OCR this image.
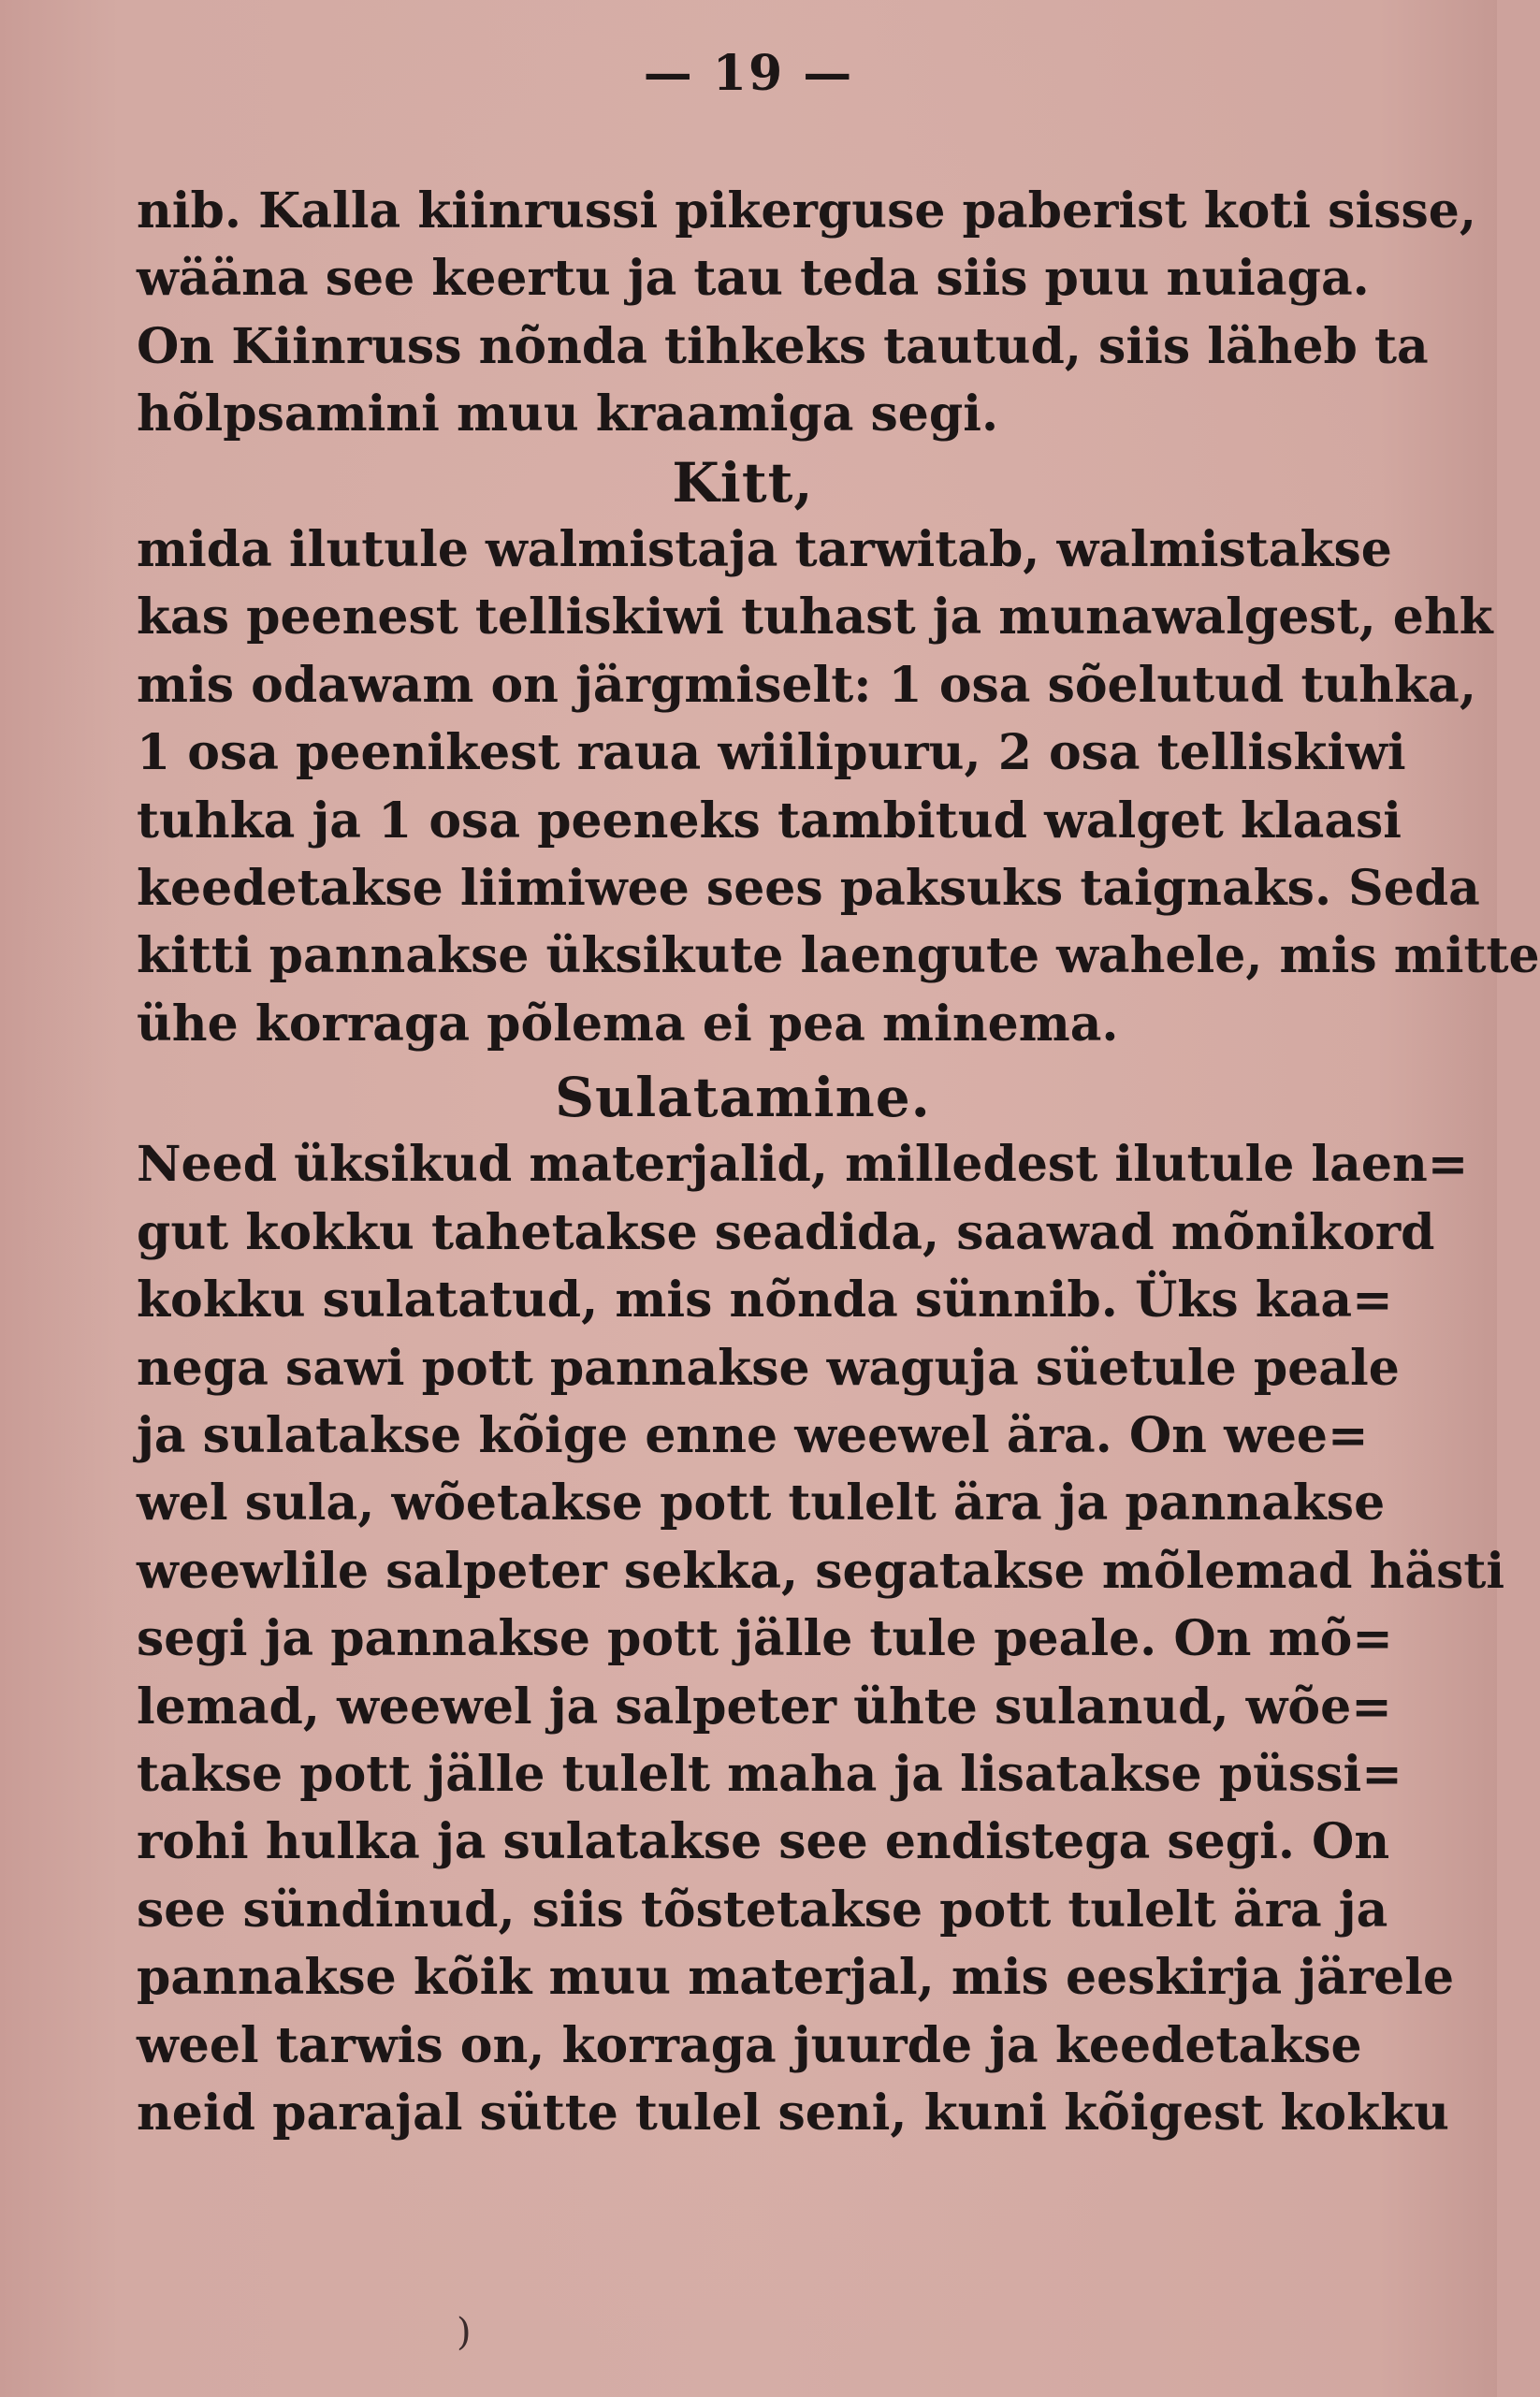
— 19 —
nib. Kalla kiinrussi pikerguse paberist koti sisse,
wääna see keertu ja tau teda siis puu nuiaga.
On Kiinruss nõnda tihkeks tautud, siis läheb ta
hõlpsamini muu kraamiga segi.
Kitt,
mida ilutule walmistaja tarwitab, walmistakse
kas peenest telliskiwi tuhast ja munawalgest, ehk
mis odawam on järgmiselt: 1 osa sõelutud tuhka,
1 osa peenikest raua wiilipuru, 2 osa telliskiwi
tuhka ja 1 osa peeneks tambitud walget klaasi
keedetakse liimiwee sees paksuks taignaks. Seda
kitti pannakse üksikute laengute wahele, mis mitte
ühe korraga põlema ei pea minema.
Sulatamine.
Need üksikud materjalid, milledest ilutule laen=
gut kokku tahetakse seadida, saawad mõnikord
kokku sulatatud, mis nõnda sünnib. Üks kaa=
nega sawi pott pannakse waguja süetule peale
ja sulatakse kõige enne weewel ära. On wee=
wel sula, wõetakse pott tulelt ära ja pannakse
weewlile salpeter sekka, segatakse mõlemad hästi
segi ja pannakse pott jälle tule peale. On mõ=
lemad, weewel ja salpeter ühte sulanud, wõe=
takse pott jälle tulelt maha ja lisatakse püssi=
rohi hulka ja sulatakse see endistega segi. On
see sündinud, siis tõstetakse pott tulelt ära ja
pannakse kõik muu materjal, mis eeskirja järele
weel tarwis on, korraga juurde ja keedetakse
neid parajal sütte tulel seni, kuni kõigest kokku
)
